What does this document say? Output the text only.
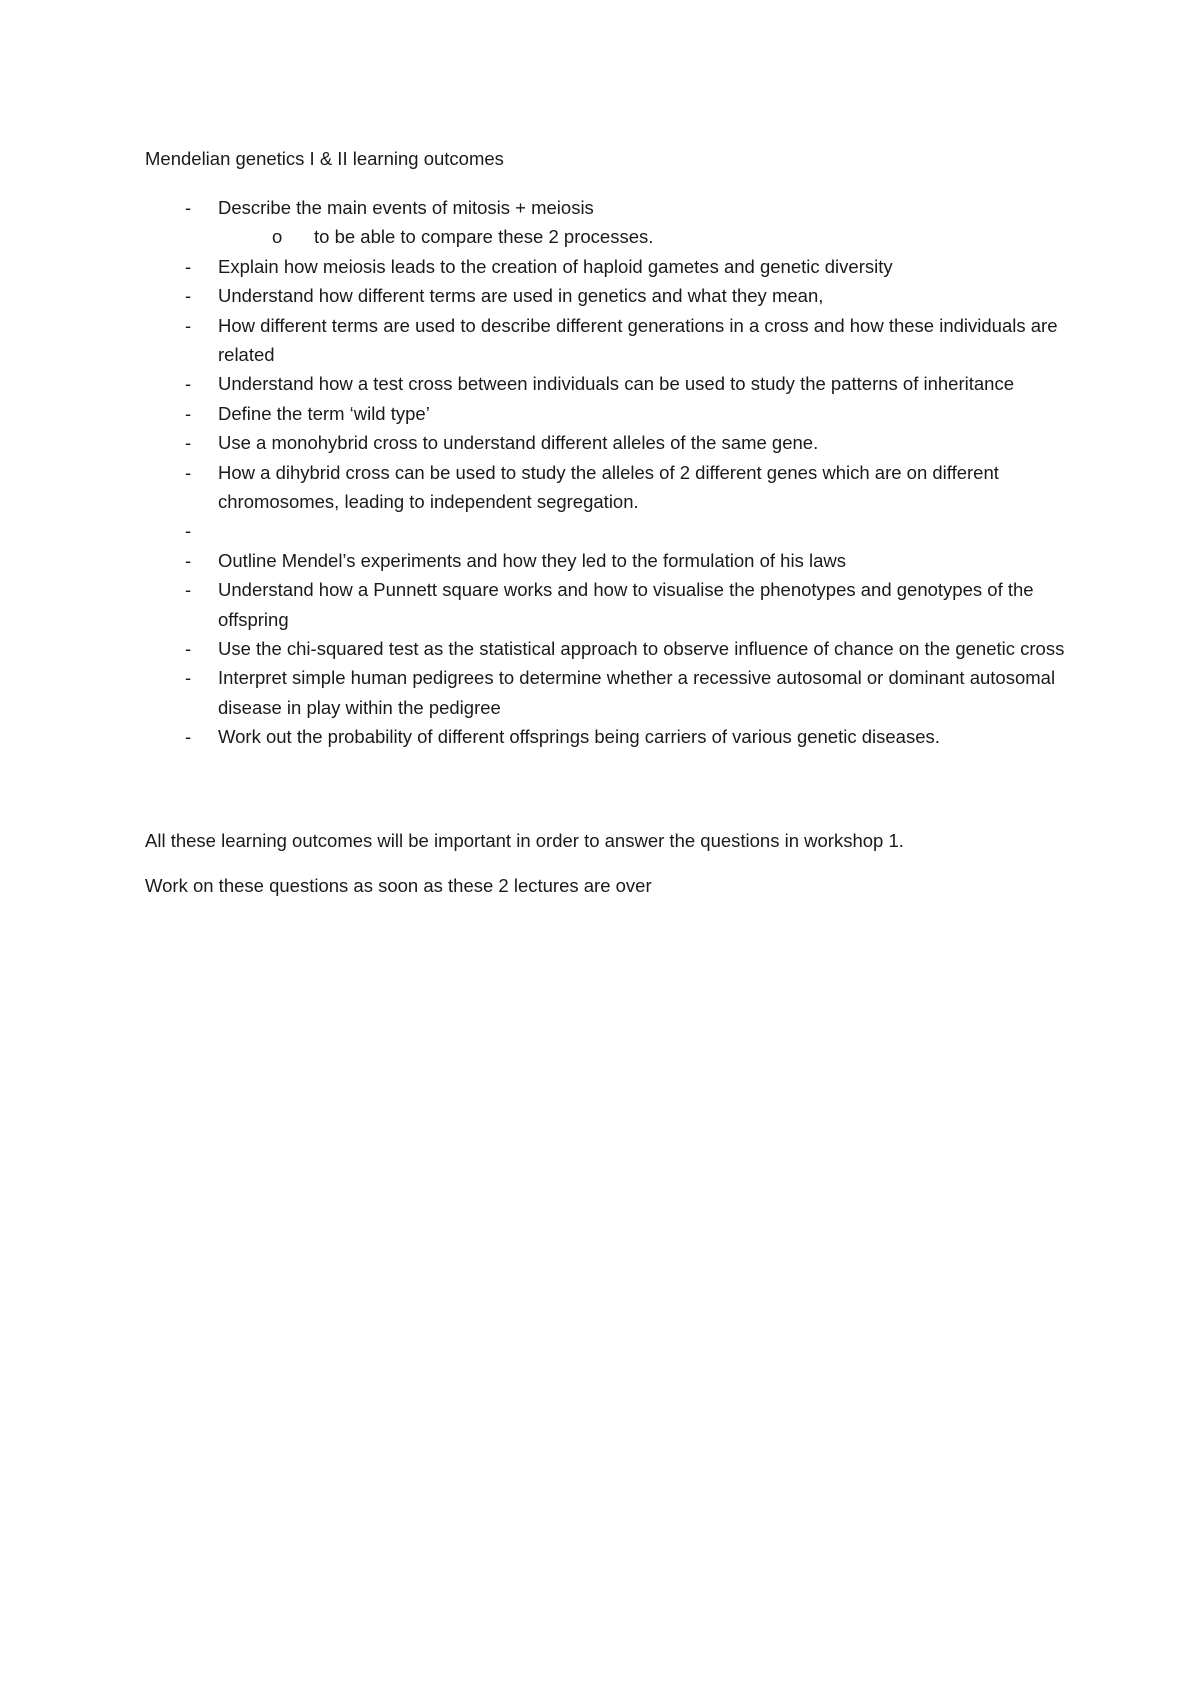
Mendelian genetics I & II learning outcomes
- Describe the main events of mitosis + meiosis
o to be able to compare these 2 processes.
- Explain how meiosis leads to the creation of haploid gametes and genetic diversity
- Understand how different terms are used in genetics and what they mean,
- How different terms are used to describe different generations in a cross and how these individuals are related
- Understand how a test cross between individuals can be used to study the patterns of inheritance
- Define the term ‘wild type’
- Use a monohybrid cross to understand different alleles of the same gene.
- How a dihybrid cross can be used to study the alleles of 2 different genes which are on different chromosomes, leading to independent segregation.
-
- Outline Mendel’s experiments and how they led to the formulation of his laws
- Understand how a Punnett square works and how to visualise the phenotypes and genotypes of the offspring
- Use the chi-squared test as the statistical approach to observe influence of chance on the genetic cross
- Interpret simple human pedigrees to determine whether a recessive autosomal or dominant autosomal disease in play within the pedigree
- Work out the probability of different offsprings being carriers of various genetic diseases.
All these learning outcomes will be important in order to answer the questions in workshop 1.
Work on these questions as soon as these 2 lectures are over
